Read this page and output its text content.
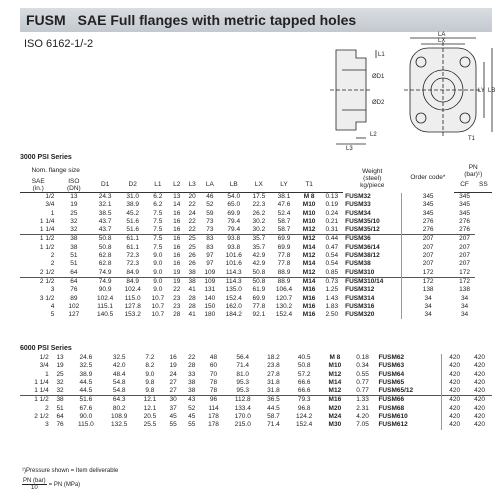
FUSM SAE Full flanges with metric tapped holes
ISO 6162-1/-2
LA
LX
L1
ØD1
ØD2
LY LB
L2
L3
T1
3000 PSI Series
Nom. flange size													Weight
(steel)
kg/piece	Order code*	PN
(bar)¹)	
SAE
(in.)	ISO
(DN)	D1	D2	L1	L2	L3	LA	LB	LX	LY	T1				CF	SS
1/2	13	24.3	31.0	6.2	13	20	46	54.0	17.5	38.1	M 8	0.13	FUSM32	345	345	
3/4	19	32.1	38.9	6.2	14	22	52	65.0	22.3	47.6	M10	0.19	FUSM33	345	345	
1	25	38.5	45.2	7.5	16	24	59	69.9	26.2	52.4	M10	0.24	FUSM34	345	345	
1 1/4	32	43.7	51.6	7.5	16	22	73	79.4	30.2	58.7	M10	0.21	FUSM35/10	276	276	
1 1/4	32	43.7	51.6	7.5	16	22	73	79.4	30.2	58.7	M12	0.31	FUSM35/12	276	276	
1 1/2	38	50.8	61.1	7.5	16	25	83	93.8	35.7	69.9	M12	0.44	FUSM36	207	207	
1 1/2	38	50.8	61.1	7.5	16	25	83	93.8	35.7	69.9	M14	0.47	FUSM36/14	207	207	
2	51	62.8	72.3	9.0	16	26	97	101.6	42.9	77.8	M12	0.54	FUSM38/12	207	207	
2	51	62.8	72.3	9.0	16	26	97	101.6	42.9	77.8	M14	0.54	FUSM38	207	207	
2 1/2	64	74.9	84.9	9.0	19	38	109	114.3	50.8	88.9	M12	0.85	FUSM310	172	172	
2 1/2	64	74.9	84.9	9.0	19	38	109	114.3	50.8	88.9	M14	0.73	FUSM310/14	172	172	
3	76	90.9	102.4	9.0	22	41	131	135.0	61.9	106.4	M16	1.25	FUSM312	138	138	
3 1/2	89	102.4	115.0	10.7	23	28	140	152.4	69.9	120.7	M16	1.43	FUSM314	34	34	
4	102	115.1	127.8	10.7	23	28	150	162.0	77.8	130.2	M16	1.83	FUSM316	34	34	
5	127	140.5	153.2	10.7	28	41	180	184.2	92.1	152.4	M16	2.50	FUSM320	34	34	
6000 PSI Series
1/2	13	24.6	32.5	7.2	16	22	48	56.4	18.2	40.5	M 8	0.18	FUSM62	420	420
3/4	19	32.5	42.0	8.2	19	28	60	71.4	23.8	50.8	M10	0.34	FUSM63	420	420
1	25	38.9	48.4	9.0	24	33	70	81.0	27.8	57.2	M12	0.55	FUSM64	420	420
1 1/4	32	44.5	54.8	9.8	27	38	78	95.3	31.8	66.6	M14	0.77	FUSM65	420	420
1 1/4	32	44.5	54.8	9.8	27	38	78	95.3	31.8	66.6	M12	0.77	FUSM65/12	420	420
1 1/2	38	51.6	64.3	12.1	30	43	96	112.8	36.5	79.3	M16	1.33	FUSM66	420	420
2	51	67.6	80.2	12.1	37	52	114	133.4	44.5	96.8	M20	2.31	FUSM68	420	420
2 1/2	64	90.0	108.9	20.5	45	45	178	170.0	58.7	124.2	M24	4.20	FUSM610	420	420
3	76	115.0	132.5	25.5	55	55	178	215.0	71.4	152.4	M30	7.05	FUSM612	420	420
¹)Pressure shown = Item deliverable
$\frac{\text{PN (bar)}}{10}$ = PN (MPa)
